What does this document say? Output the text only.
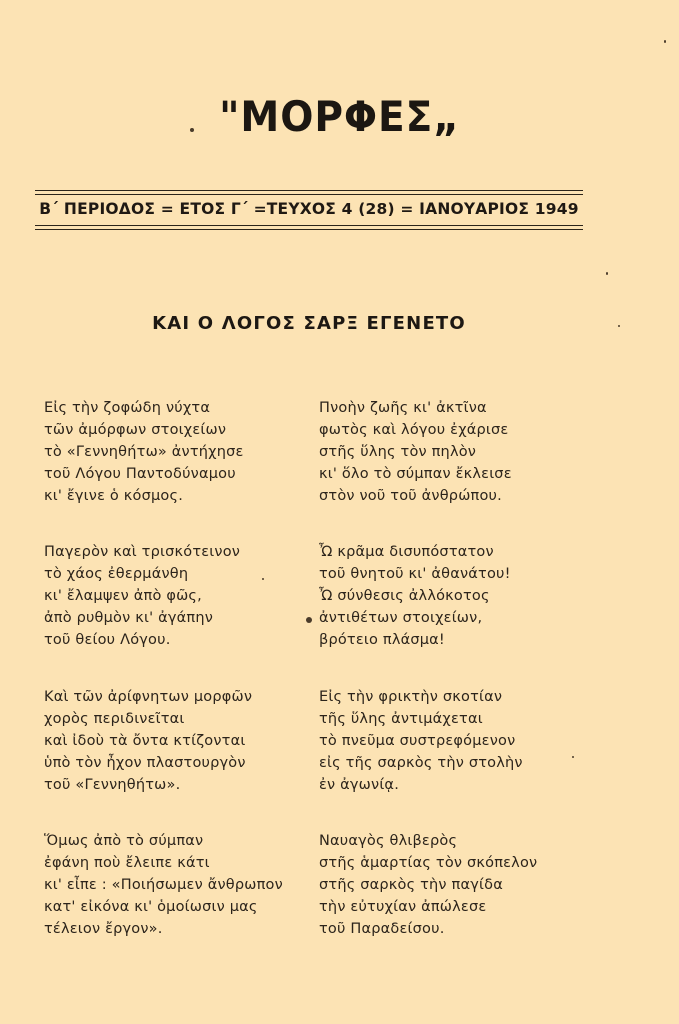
"ΜΟΡΦΕΣ„
Β΄ ΠΕΡΙΟΔΟΣ = ΕΤΟΣ Γ΄ =ΤΕΥΧΟΣ 4 (28) = ΙΑΝΟΥΑΡΙΟΣ 1949
ΚΑΙ Ο ΛΟΓΟΣ ΣΑΡΞ ΕΓΕΝΕΤΟ
Εἰς τὴν ζοφώδη νύχτα
τῶν ἀμόρφων στοιχείων
τὸ «Γεννηθήτω» ἀντήχησε
τοῦ Λόγου Παντοδύναμου
κι' ἔγινε ὁ κόσμος.
Παγερὸν καὶ τρισκότεινον
τὸ χάος ἐθερμάνθη
κι' ἔλαμψεν ἀπὸ φῶς,
ἀπὸ ρυθμὸν κι' ἀγάπην
τοῦ θείου Λόγου.
Καὶ τῶν ἀρίφνητων μορφῶν
χορὸς περιδινεῖται
καὶ ἰδοὺ τὰ ὄντα κτίζονται
ὑπὸ τὸν ἦχον πλαστουργὸν
τοῦ «Γεννηθήτω».
Ὅμως ἀπὸ τὸ σύμπαν
ἐφάνη ποὺ ἔλειπε κάτι
κι' εἶπε : «Ποιήσωμεν ἄνθρωπον
κατ' εἰκόνα κι' ὁμοίωσιν μας
τέλειον ἔργον».
Πνοὴν ζωῆς κι' ἀκτῖνα
φωτὸς καὶ λόγου ἐχάρισε
στῆς ὕλης τὸν πηλὸν
κι' ὅλο τὸ σύμπαν ἔκλεισε
στὸν νοῦ τοῦ ἀνθρώπου.
Ὦ κρᾶμα δισυπόστατον
τοῦ θνητοῦ κι' ἀθανάτου!
Ὦ σύνθεσις ἀλλόκοτος
ἀντιθέτων στοιχείων,
βρότειο πλάσμα!
Εἰς τὴν φρικτὴν σκοτίαν
τῆς ὕλης ἀντιμάχεται
τὸ πνεῦμα συστρεφόμενον
εἰς τῆς σαρκὸς τὴν στολὴν
ἐν ἀγωνίᾳ.
Ναυαγὸς θλιβερὸς
στῆς ἁμαρτίας τὸν σκόπελον
στῆς σαρκὸς τὴν παγίδα
τὴν εὐτυχίαν ἀπώλεσε
τοῦ Παραδείσου.
